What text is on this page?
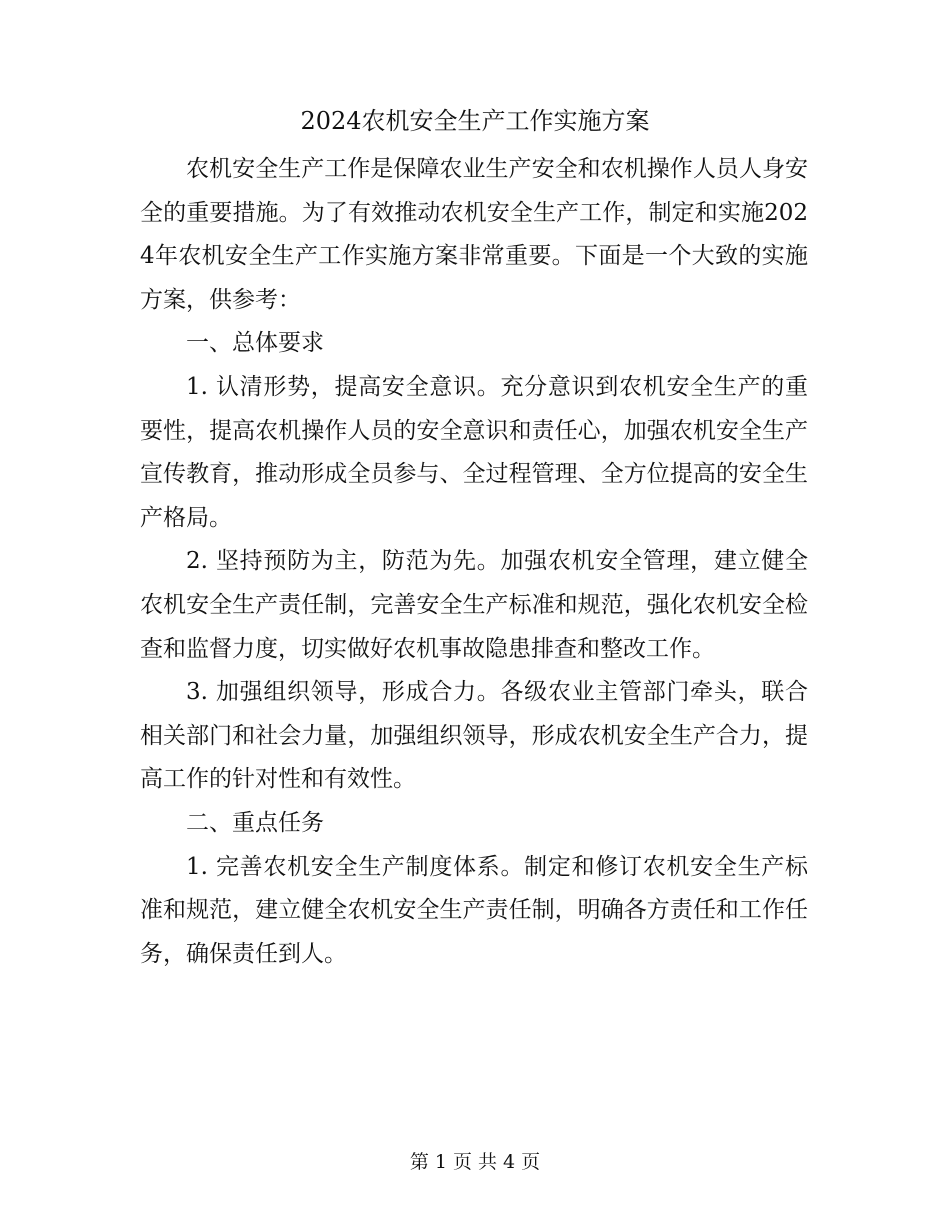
2024农机安全生产工作实施方案

农机安全生产工作是保障农业生产安全和农机操作人员人身安全的重要措施。为了有效推动农机安全生产工作，制定和实施2024年农机安全生产工作实施方案非常重要。下面是一个大致的实施方案，供参考：

一、总体要求

1. 认清形势，提高安全意识。充分意识到农机安全生产的重要性，提高农机操作人员的安全意识和责任心，加强农机安全生产宣传教育，推动形成全员参与、全过程管理、全方位提高的安全生产格局。

2. 坚持预防为主，防范为先。加强农机安全管理，建立健全农机安全生产责任制，完善安全生产标准和规范，强化农机安全检查和监督力度，切实做好农机事故隐患排查和整改工作。

3. 加强组织领导，形成合力。各级农业主管部门牵头，联合相关部门和社会力量，加强组织领导，形成农机安全生产合力，提高工作的针对性和有效性。

二、重点任务

1. 完善农机安全生产制度体系。制定和修订农机安全生产标准和规范，建立健全农机安全生产责任制，明确各方责任和工作任务，确保责任到人。

第 1 页 共 4 页
